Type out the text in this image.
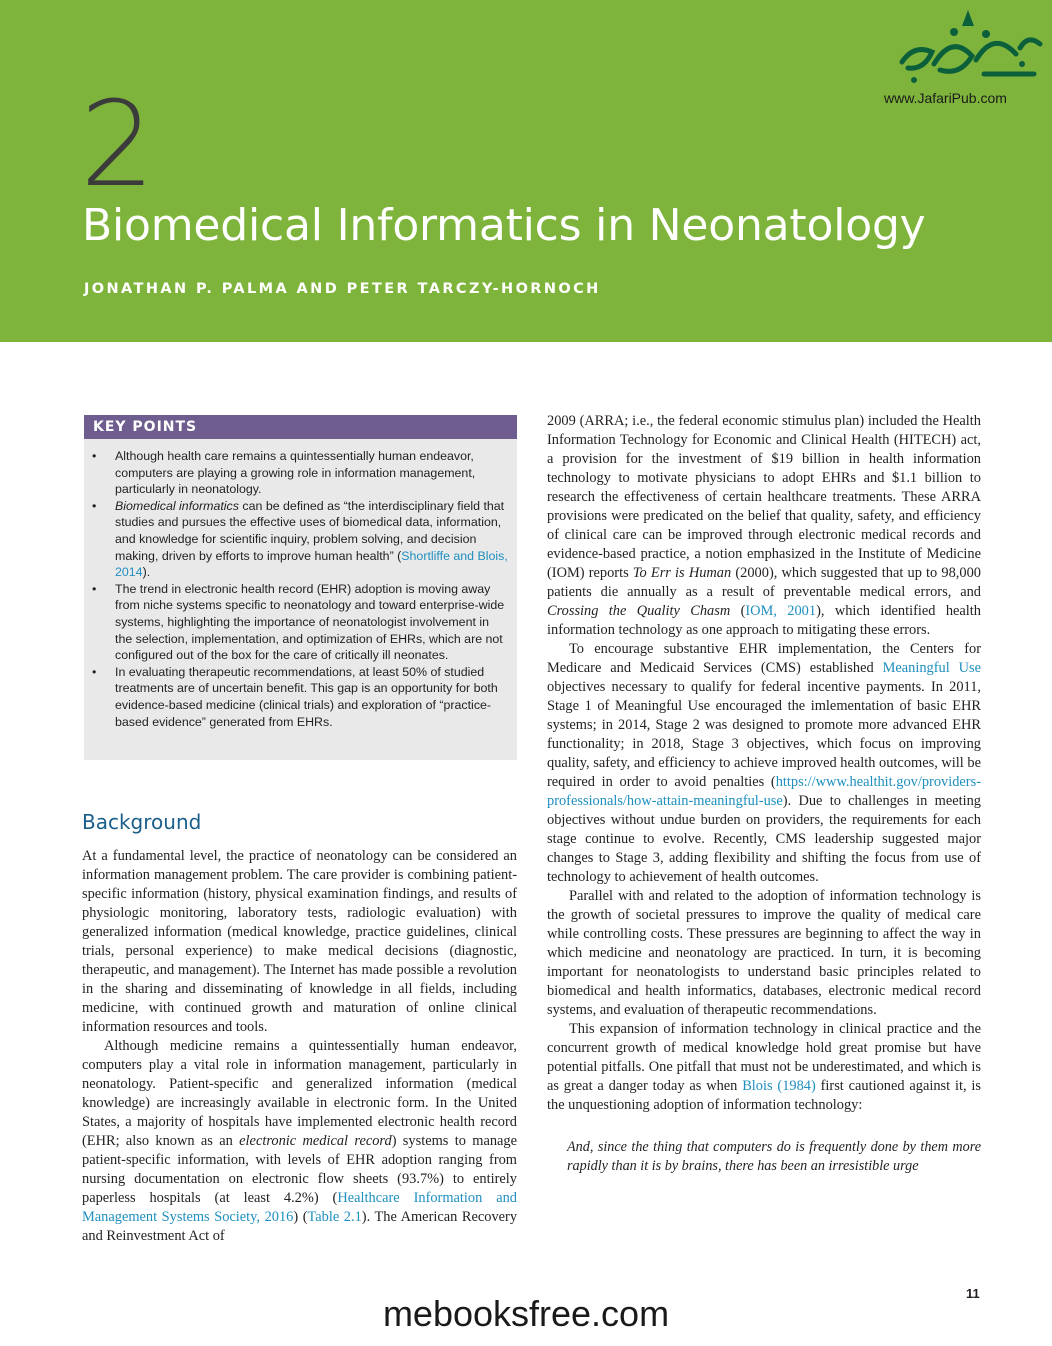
2
Biomedical Informatics in Neonatology
JONATHAN P. PALMA AND PETER TARCZY-HORNOCH
www.JafariPub.com
KEY POINTS
• Although health care remains a quintessentially human endeavor, computers are playing a growing role in information management, particularly in neonatology.
• Biomedical informatics can be defined as “the interdisciplinary field that studies and pursues the effective uses of biomedical data, information, and knowledge for scientific inquiry, problem solving, and decision making, driven by efforts to improve human health” (Shortliffe and Blois, 2014).
• The trend in electronic health record (EHR) adoption is moving away from niche systems specific to neonatology and toward enterprise-wide systems, highlighting the importance of neonatologist involvement in the selection, implementation, and optimization of EHRs, which are not configured out of the box for the care of critically ill neonates.
• In evaluating therapeutic recommendations, at least 50% of studied treatments are of uncertain benefit. This gap is an opportunity for both evidence-based medicine (clinical trials) and exploration of “practice-based evidence” generated from EHRs.
Background

At a fundamental level, the practice of neonatology can be considered an information management problem. The care provider is combining patient-specific information (history, physical examination findings, and results of physiologic monitoring, laboratory tests, radiologic evaluation) with generalized information (medical knowledge, practice guidelines, clinical trials, personal experience) to make medical decisions (diagnostic, therapeutic, and management). The Internet has made possible a revolution in the sharing and disseminating of knowledge in all fields, including medicine, with continued growth and maturation of online clinical information resources and tools.

Although medicine remains a quintessentially human endeavor, computers play a vital role in information management, particularly in neonatology. Patient-specific and generalized information (medical knowledge) are increasingly available in electronic form. In the United States, a majority of hospitals have implemented electronic health record (EHR; also known as an electronic medical record) systems to manage patient-specific information, with levels of EHR adoption ranging from nursing documentation on electronic flow sheets (93.7%) to entirely paperless hospitals (at least 4.2%) (Healthcare Information and Management Systems Society, 2016) (Table 2.1). The American Recovery and Reinvestment Act of

2009 (ARRA; i.e., the federal economic stimulus plan) included the Health Information Technology for Economic and Clinical Health (HITECH) act, a provision for the investment of $19 billion in health information technology to motivate physicians to adopt EHRs and $1.1 billion to research the effectiveness of certain healthcare treatments. These ARRA provisions were predicated on the belief that quality, safety, and efficiency of clinical care can be improved through electronic medical records and evidence-based practice, a notion emphasized in the Institute of Medicine (IOM) reports To Err is Human (2000), which suggested that up to 98,000 patients die annually as a result of preventable medical errors, and Crossing the Quality Chasm (IOM, 2001), which identified health information technology as one approach to mitigating these errors.

To encourage substantive EHR implementation, the Centers for Medicare and Medicaid Services (CMS) established Meaningful Use objectives necessary to qualify for federal incentive payments. In 2011, Stage 1 of Meaningful Use encouraged the imlementation of basic EHR systems; in 2014, Stage 2 was designed to promote more advanced EHR functionality; in 2018, Stage 3 objectives, which focus on improving quality, safety, and efficiency to achieve improved health outcomes, will be required in order to avoid penalties (https://www.healthit.gov/providers-professionals/how-attain-meaningful-use). Due to challenges in meeting objectives without undue burden on providers, the requirements for each stage continue to evolve. Recently, CMS leadership suggested major changes to Stage 3, adding flexibility and shifting the focus from use of technology to achievement of health outcomes.

Parallel with and related to the adoption of information technology is the growth of societal pressures to improve the quality of medical care while controlling costs. These pressures are beginning to affect the way in which medicine and neonatology are practiced. In turn, it is becoming important for neonatologists to understand basic principles related to biomedical and health informatics, databases, electronic medical record systems, and evaluation of therapeutic recommendations.

This expansion of information technology in clinical practice and the concurrent growth of medical knowledge hold great promise but have potential pitfalls. One pitfall that must not be underestimated, and which is as great a danger today as when Blois (1984) first cautioned against it, is the unquestioning adoption of information technology:

And, since the thing that computers do is frequently done by them more rapidly than it is by brains, there has been an irresistible urge

11
mebooksfree.com
